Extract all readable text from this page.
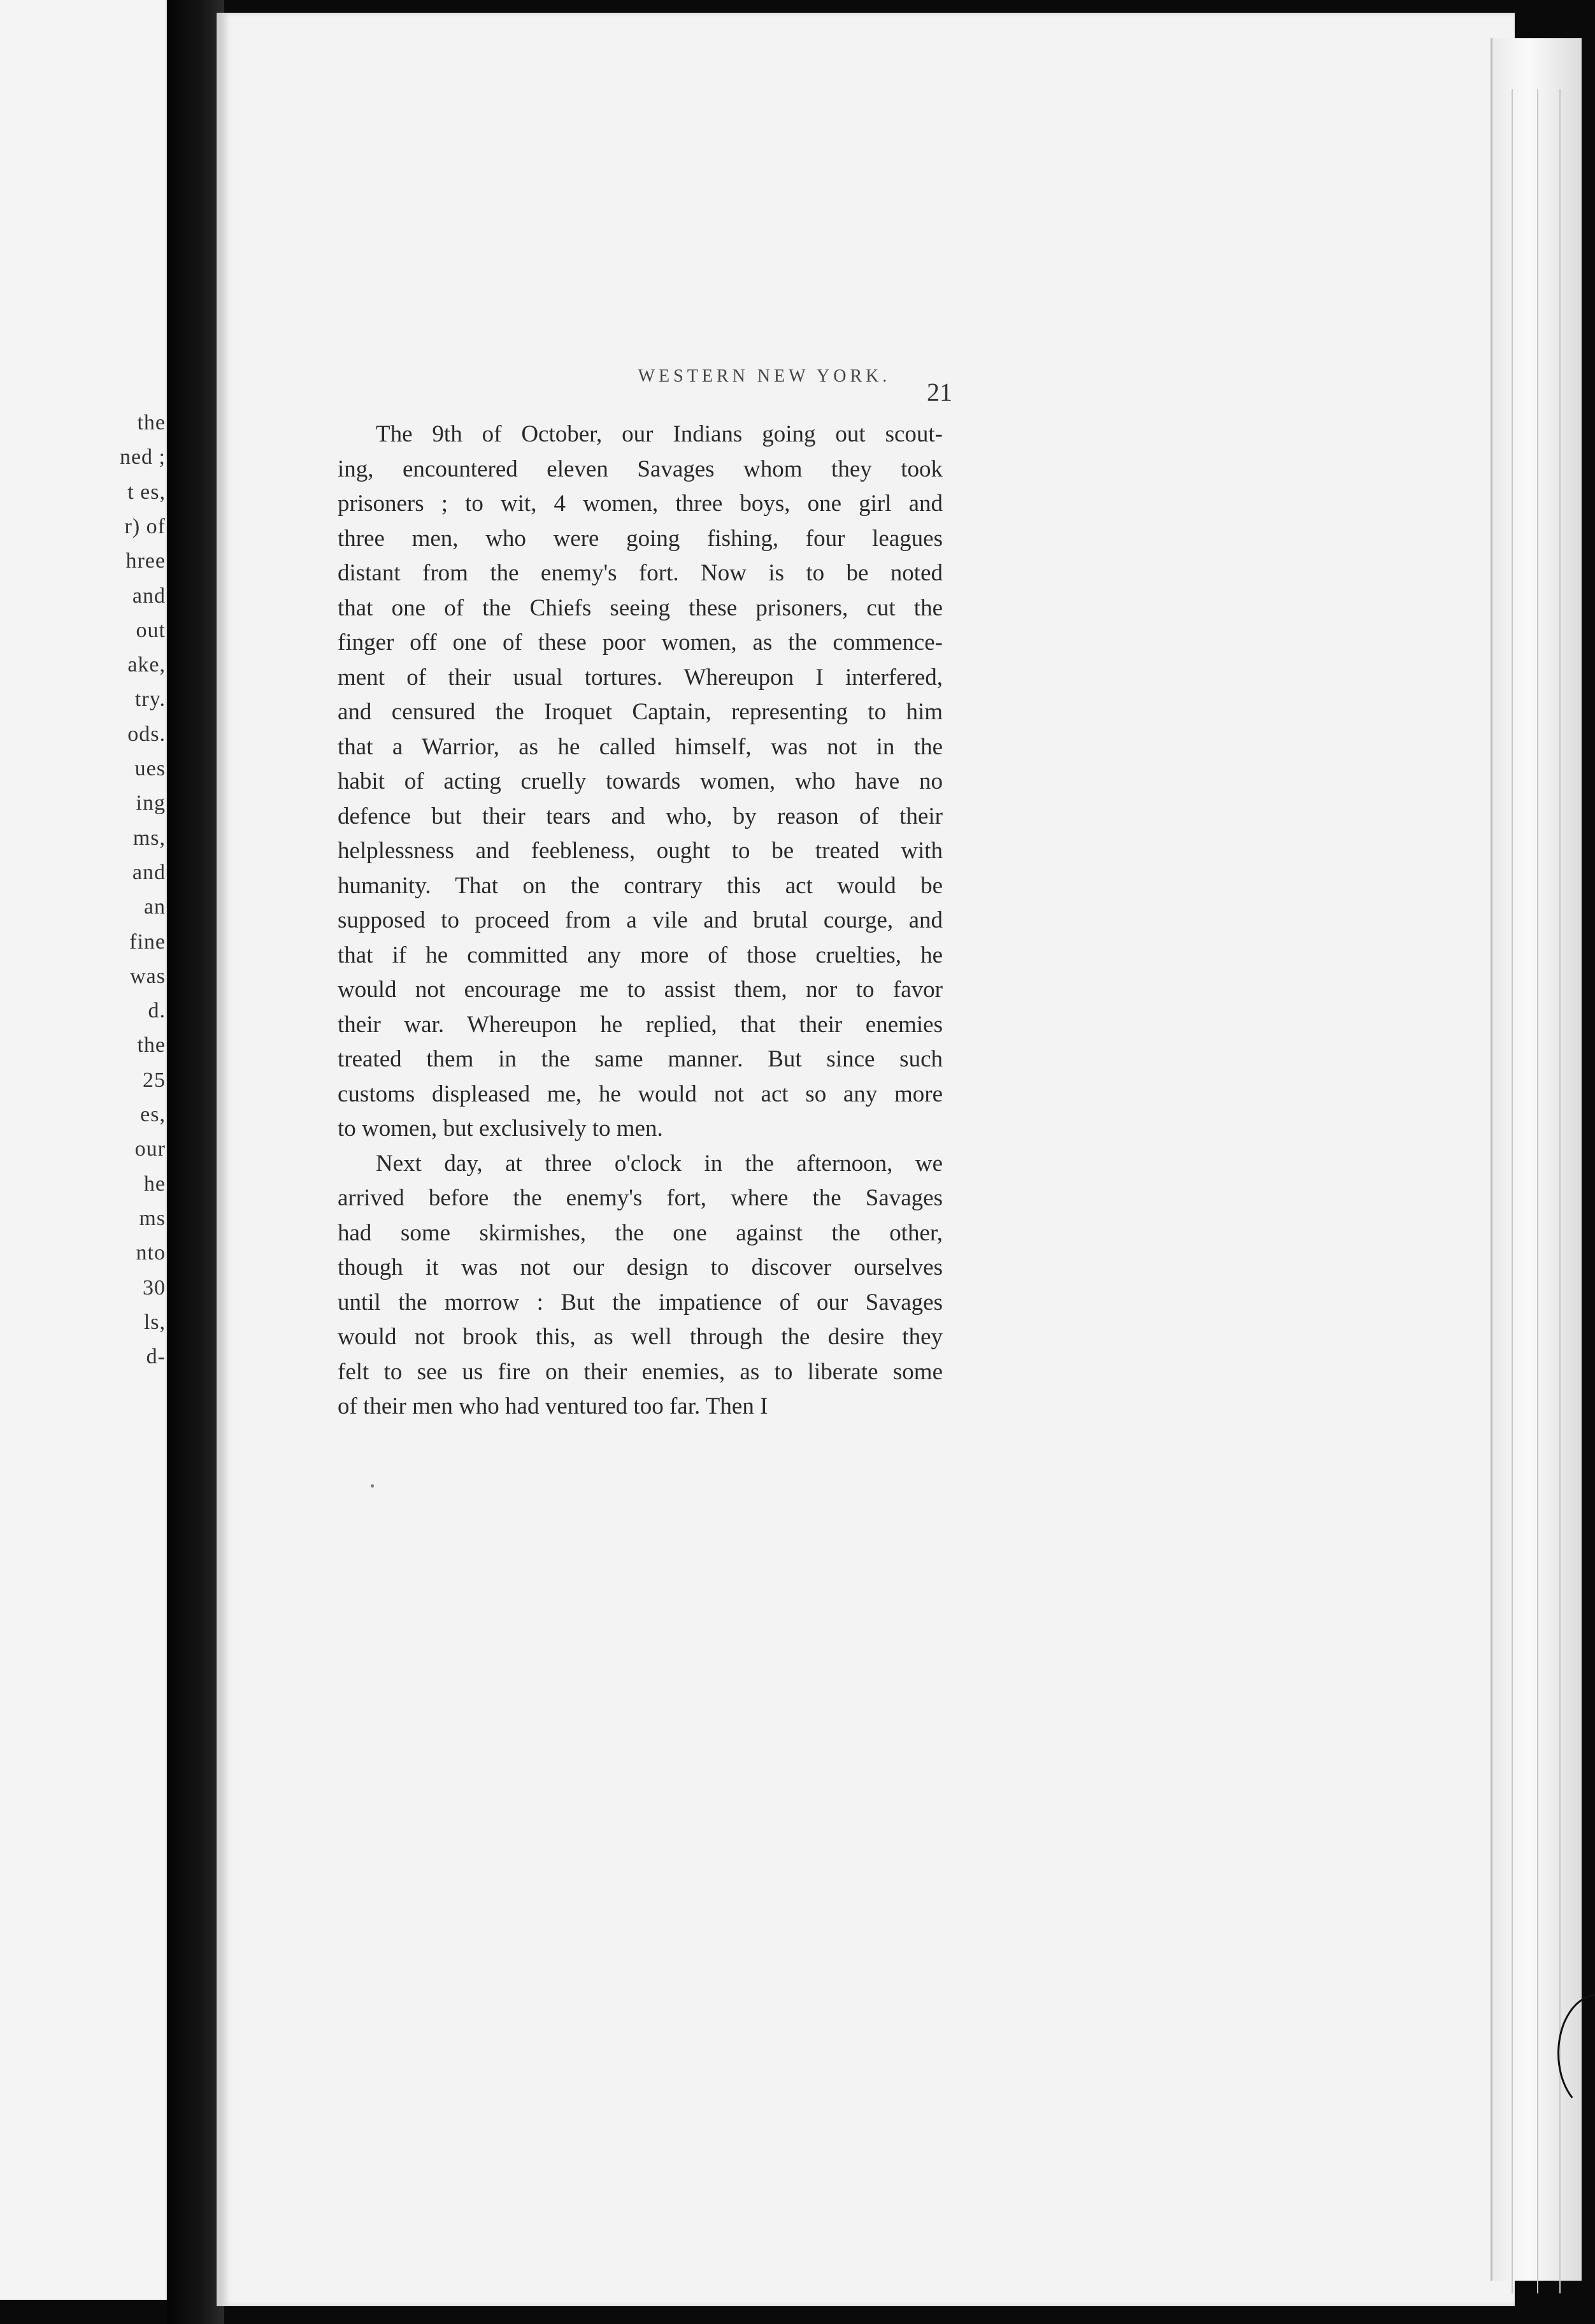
the
ned ;
t es,
r) of
hree
and
out
ake,
try.
ods.
ues
ing
ms,
and
an
fine
was
d.
the
25
es,
our
he
ms
nto
30
ls,
d-
WESTERN NEW YORK.
21
The 9th of October, our Indians going out scout-
ing, encountered eleven Savages whom they took
prisoners ; to wit, 4 women, three boys, one girl and
three men, who were going fishing, four leagues
distant from the enemy's fort. Now is to be noted
that one of the Chiefs seeing these prisoners, cut the
finger off one of these poor women, as the commence-
ment of their usual tortures. Whereupon I interfered,
and censured the Iroquet Captain, representing to him
that a Warrior, as he called himself, was not in the
habit of acting cruelly towards women, who have no
defence but their tears and who, by reason of their
helplessness and feebleness, ought to be treated with
humanity. That on the contrary this act would be
supposed to proceed from a vile and brutal courge, and
that if he committed any more of those cruelties, he
would not encourage me to assist them, nor to favor
their war. Whereupon he replied, that their enemies
treated them in the same manner. But since such
customs displeased me, he would not act so any more
to women, but exclusively to men.
Next day, at three o'clock in the afternoon, we
arrived before the enemy's fort, where the Savages
had some skirmishes, the one against the other,
though it was not our design to discover ourselves
until the morrow : But the impatience of our Savages
would not brook this, as well through the desire they
felt to see us fire on their enemies, as to liberate some
of their men who had ventured too far. Then I
